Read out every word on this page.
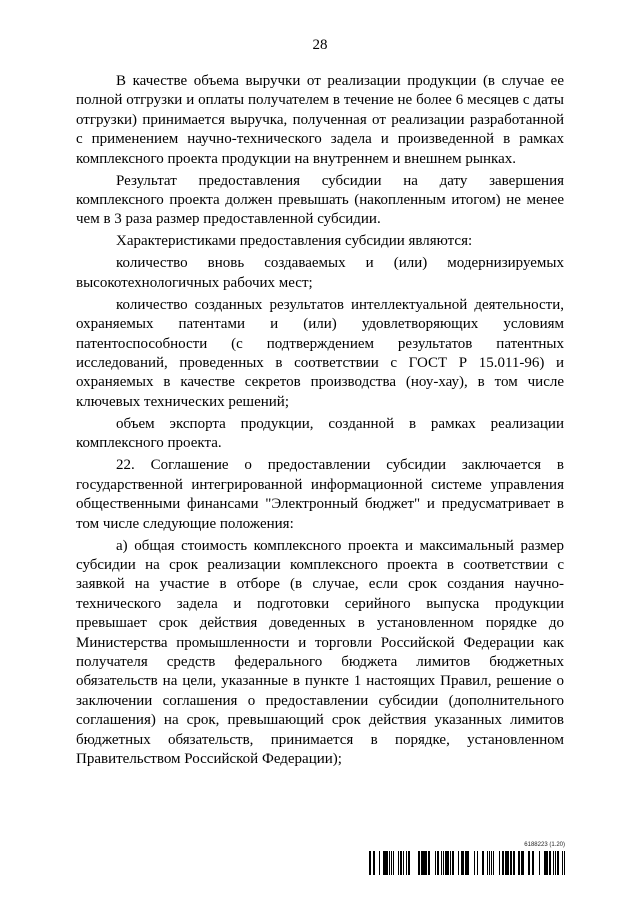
28

В качестве объема выручки от реализации продукции (в случае ее полной отгрузки и оплаты получателем в течение не более 6 месяцев с даты отгрузки) принимается выручка, полученная от реализации разработанной с применением научно-технического задела и произведенной в рамках комплексного проекта продукции на внутреннем и внешнем рынках.

Результат предоставления субсидии на дату завершения комплексного проекта должен превышать (накопленным итогом) не менее чем в 3 раза размер предоставленной субсидии.

Характеристиками предоставления субсидии являются:

количество вновь создаваемых и (или) модернизируемых высокотехнологичных рабочих мест;

количество созданных результатов интеллектуальной деятельности, охраняемых патентами и (или) удовлетворяющих условиям патентоспособности (с подтверждением результатов патентных исследований, проведенных в соответствии с ГОСТ Р 15.011-96) и охраняемых в качестве секретов производства (ноу-хау), в том числе ключевых технических решений;

объем экспорта продукции, созданной в рамках реализации комплексного проекта.

22. Соглашение о предоставлении субсидии заключается в государственной интегрированной информационной системе управления общественными финансами "Электронный бюджет" и предусматривает в том числе следующие положения:

а) общая стоимость комплексного проекта и максимальный размер субсидии на срок реализации комплексного проекта в соответствии с заявкой на участие в отборе (в случае, если срок создания научно-технического задела и подготовки серийного выпуска продукции превышает срок действия доведенных в установленном порядке до Министерства промышленности и торговли Российской Федерации как получателя средств федерального бюджета лимитов бюджетных обязательств на цели, указанные в пункте 1 настоящих Правил, решение о заключении соглашения о предоставлении субсидии (дополнительного соглашения) на срок, превышающий срок действия указанных лимитов бюджетных обязательств, принимается в порядке, установленном Правительством Российской Федерации);

6188223 (1.20)
